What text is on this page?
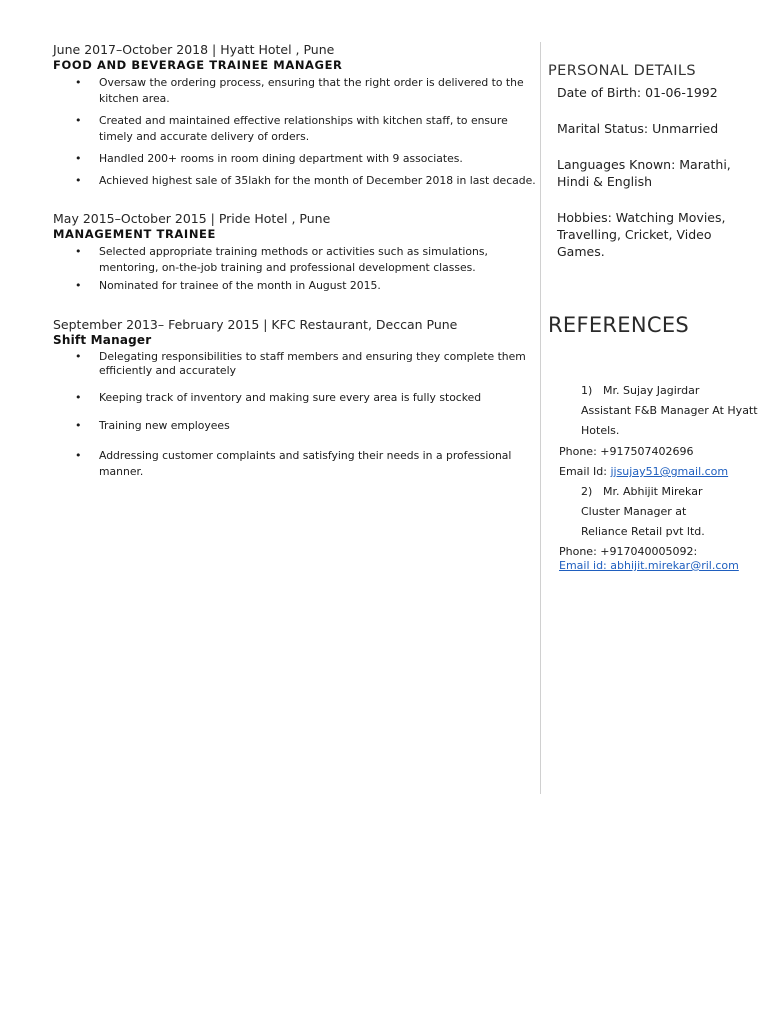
June 2017–October 2018 | Hyatt Hotel , Pune
FOOD AND BEVERAGE TRAINEE MANAGER
• Oversaw the ordering process, ensuring that the right order is delivered to the kitchen area.
• Created and maintained effective relationships with kitchen staff, to ensure timely and accurate delivery of orders.
• Handled 200+ rooms in room dining department with 9 associates.
• Achieved highest sale of 35lakh for the month of December 2018 in last decade.
May 2015–October 2015 | Pride Hotel , Pune
MANAGEMENT TRAINEE
• Selected appropriate training methods or activities such as simulations, mentoring, on-the-job training and professional development classes.
• Nominated for trainee of the month in August 2015.
September 2013– February 2015 | KFC Restaurant, Deccan Pune
Shift Manager
• Delegating responsibilities to staff members and ensuring they complete them efficiently and accurately
• Keeping track of inventory and making sure every area is fully stocked
• Training new employees
• Addressing customer complaints and satisfying their needs in a professional manner.
PERSONAL DETAILS

Date of Birth: 01-06-1992

Marital Status: Unmarried

Languages Known: Marathi, Hindi & English

Hobbies: Watching Movies, Travelling, Cricket, Video Games.

REFERENCES
1) Mr. Sujay Jagirdar
Assistant F&B Manager At Hyatt
Hotels.
Phone: +917507402696
Email Id: jjsujay51@gmail.com
2) Mr. Abhijit Mirekar
Cluster Manager at
Reliance Retail pvt ltd.
Phone: +917040005092:
Email id: abhijit.mirekar@ril.com
